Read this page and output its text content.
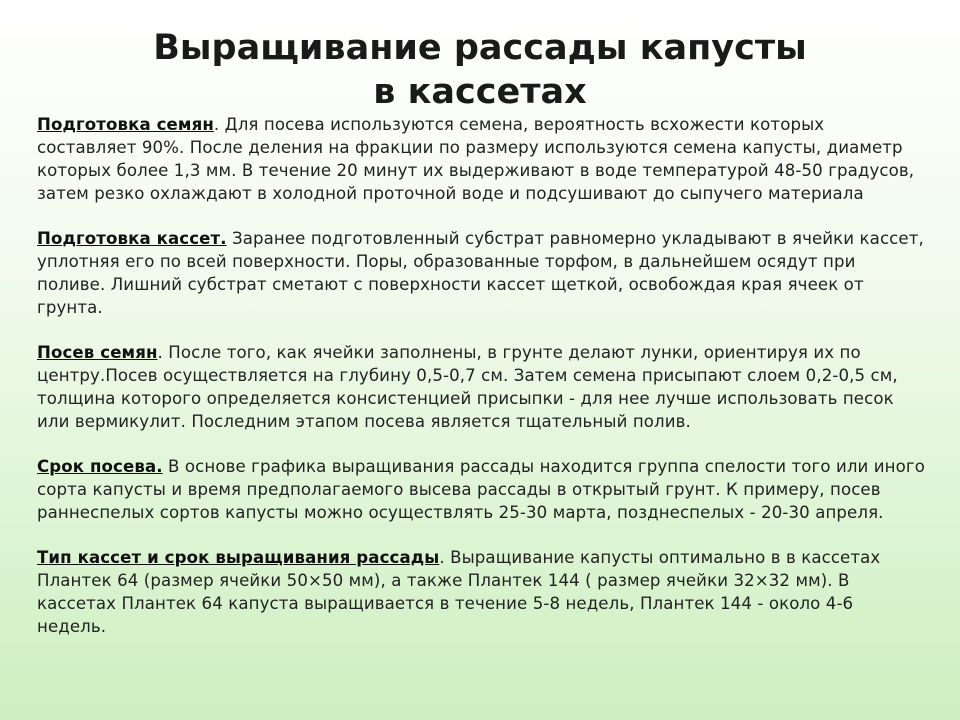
Выращивание рассады капусты
в кассетах

Подготовка семян. Для посева используются семена, вероятность всхожести которых составляет 90%. После деления на фракции по размеру используются семена капусты, диаметр которых более 1,3 мм. В течение 20 минут их выдерживают в воде температурой 48-50 градусов, затем резко охлаждают в холодной проточной воде и подсушивают до сыпучего материала

Подготовка кассет. Заранее подготовленный субстрат равномерно укладывают в ячейки кассет, уплотняя его по всей поверхности. Поры, образованные торфом, в дальнейшем осядут при поливе. Лишний субстрат сметают с поверхности кассет щеткой, освобождая края ячеек от грунта.

Посев семян. После того, как ячейки заполнены, в грунте делают лунки, ориентируя их по центру.Посев осуществляется на глубину 0,5-0,7 см. Затем семена присыпают слоем 0,2-0,5 см, толщина которого определяется консистенцией присыпки - для нее лучше использовать песок или вермикулит. Последним этапом посева является тщательный полив.

Срок посева. В основе графика выращивания рассады находится группа спелости того или иного сорта капусты и время предполагаемого высева рассады в открытый грунт. К примеру, посев раннеспелых сортов капусты можно осуществлять 25-30 марта, позднеспелых - 20-30 апреля.

Тип кассет и срок выращивания рассады. Выращивание капусты оптимально в в кассетах Плантек 64 (размер ячейки 50×50 мм), а также Плантек 144 ( размер ячейки 32×32 мм). В кассетах Плантек 64 капуста выращивается в течение 5-8 недель, Плантек 144 - около 4-6 недель.
